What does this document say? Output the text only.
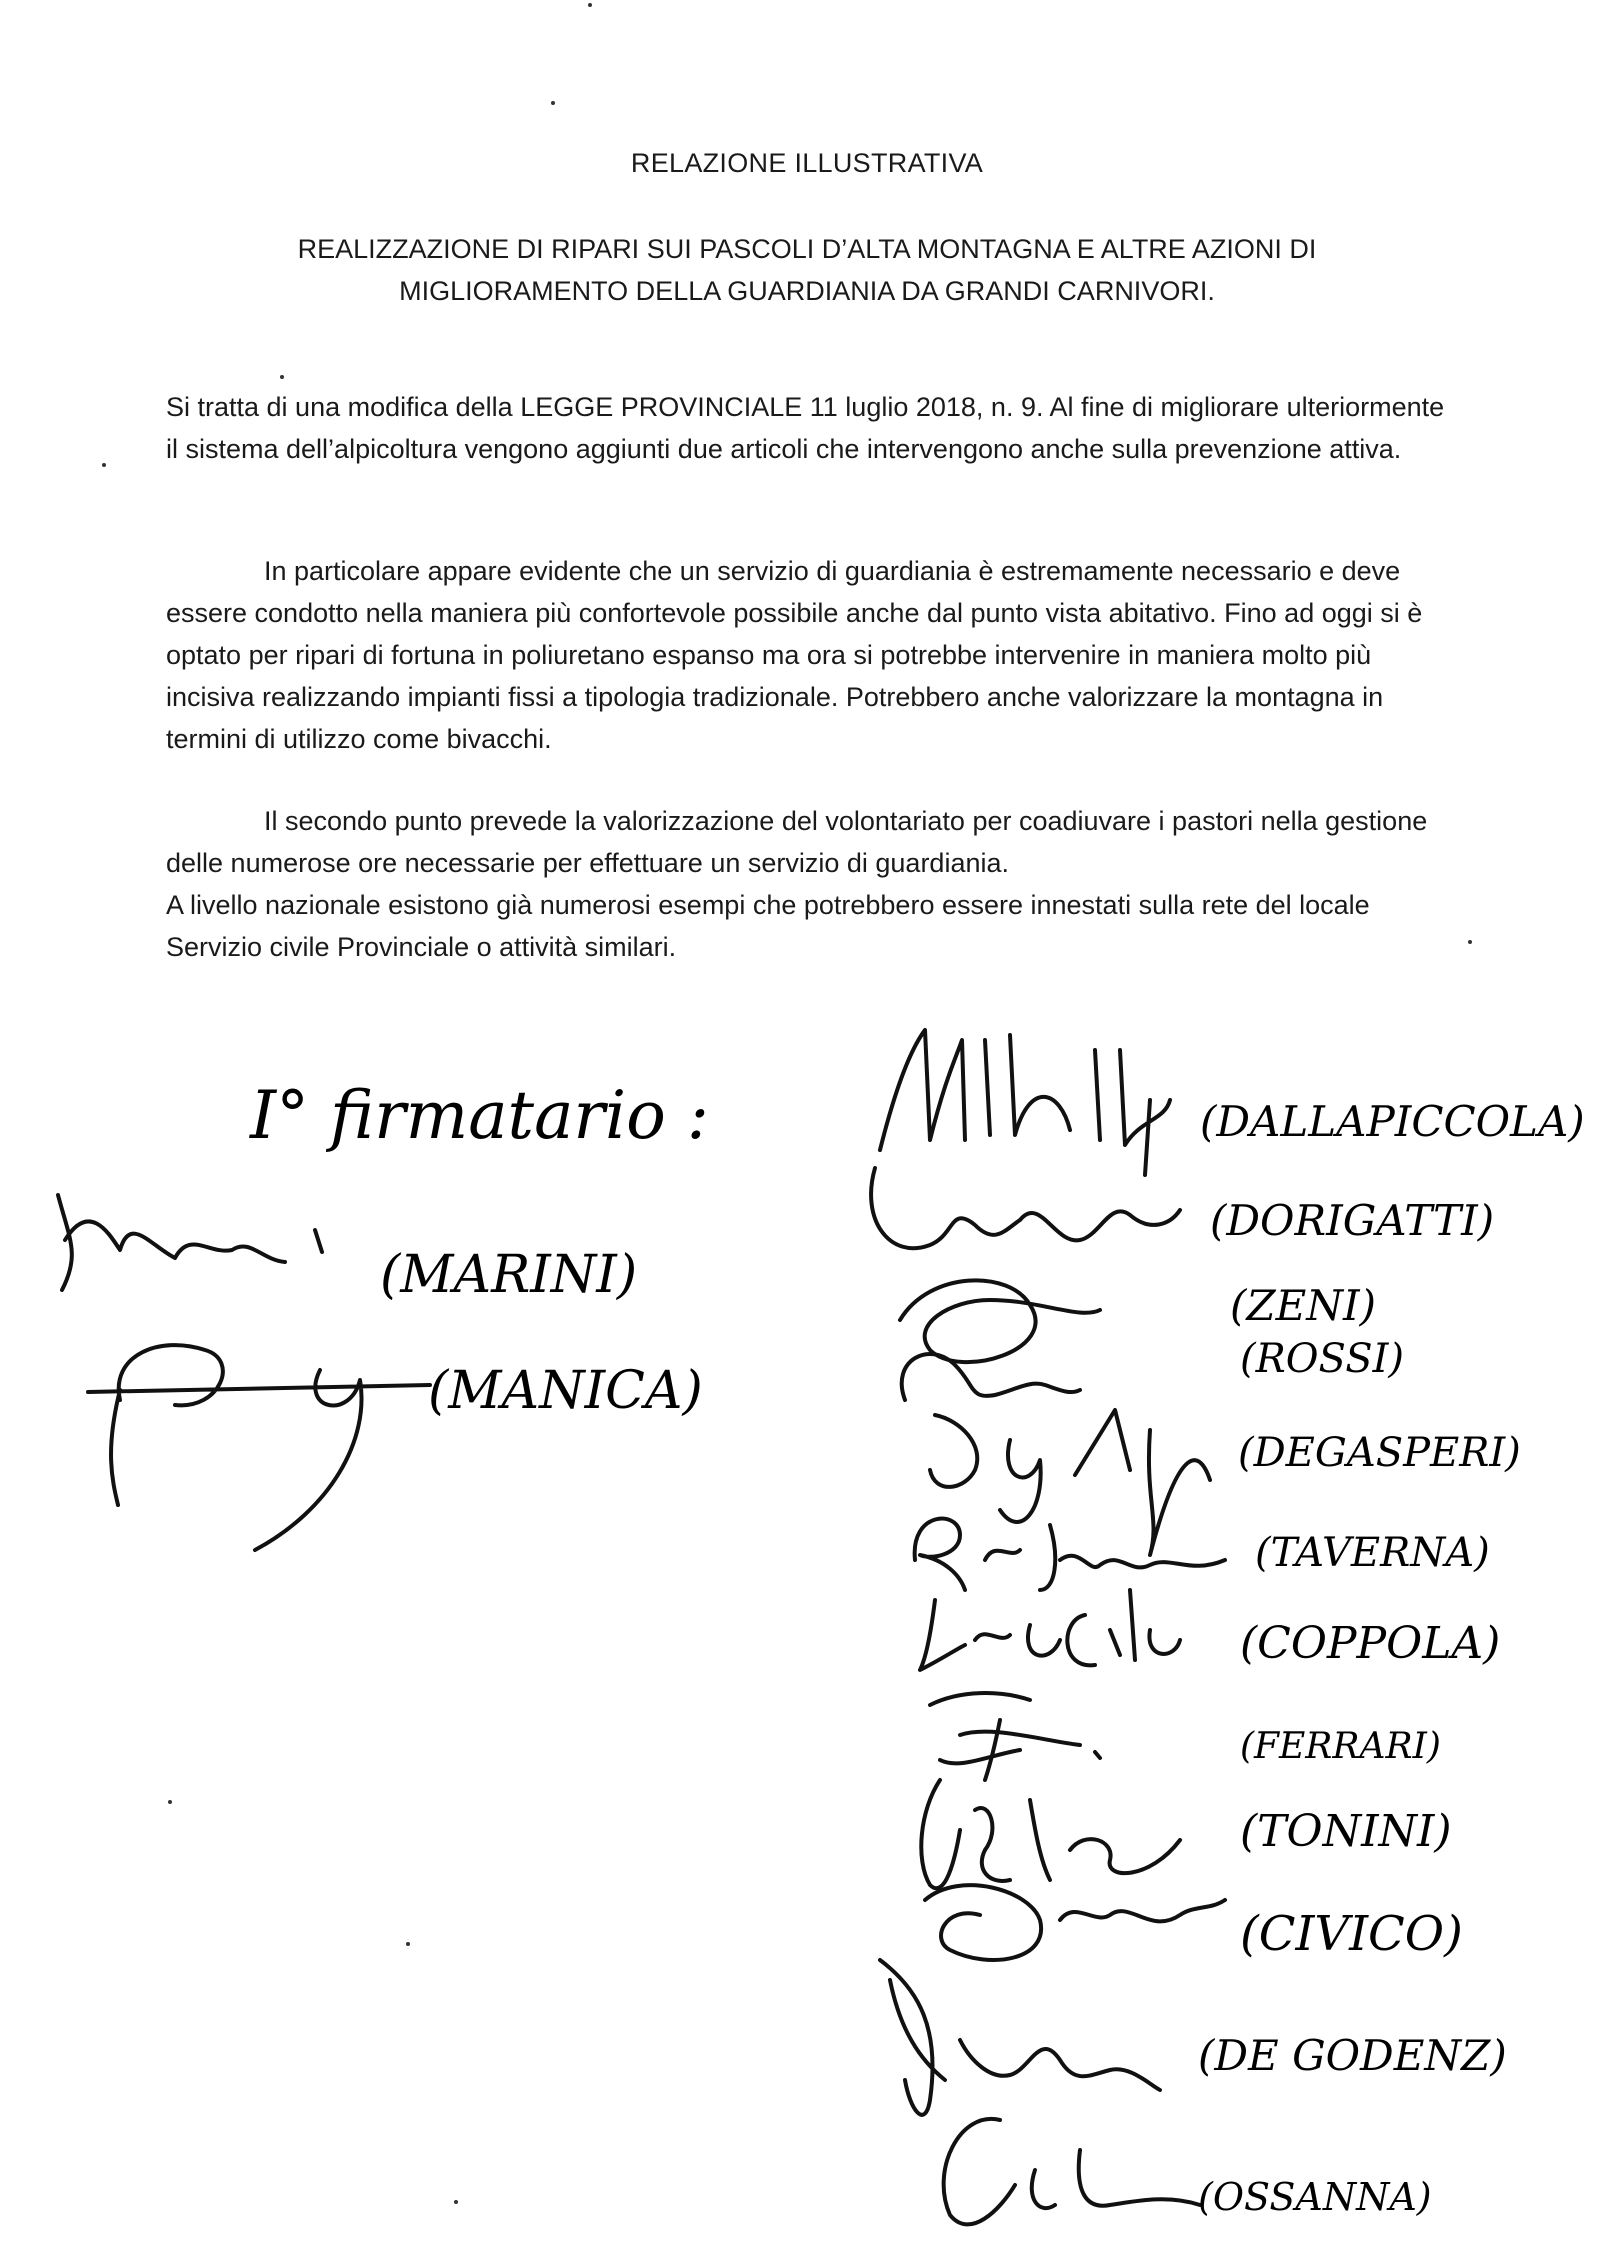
RELAZIONE ILLUSTRATIVA
REALIZZAZIONE DI RIPARI SUI PASCOLI D’ALTA MONTAGNA E ALTRE AZIONI DI
MIGLIORAMENTO DELLA GUARDIANIA DA GRANDI CARNIVORI.

Si tratta di una modifica della LEGGE PROVINCIALE 11 luglio 2018, n. 9. Al fine di migliorare ulteriormente il sistema dell’alpicoltura vengono aggiunti due articoli che intervengono anche sulla prevenzione attiva.

In particolare appare evidente che un servizio di guardiania è estremamente necessario e deve essere condotto nella maniera più confortevole possibile anche dal punto vista abitativo. Fino ad oggi si è optato per ripari di fortuna in poliuretano espanso ma ora si potrebbe intervenire in maniera molto più incisiva realizzando impianti fissi a tipologia tradizionale. Potrebbero anche valorizzare la montagna in termini di utilizzo come bivacchi.

Il secondo punto prevede la valorizzazione del volontariato per coadiuvare i pastori nella gestione delle numerose ore necessarie per effettuare un servizio di guardiania.

A livello nazionale esistono già numerosi esempi che potrebbero essere innestati sulla rete del locale Servizio civile Provinciale o attività similari.

I° firmatario :
(MARINI)
(MANICA)
(DALLAPICCOLA)
(DORIGATTI)
(ZENI)
(ROSSI)
(DEGASPERI)
(TAVERNA)
(COPPOLA)
(FERRARI)
(TONINI)
(CIVICO)
(DE GODENZ)
(OSSANNA)
